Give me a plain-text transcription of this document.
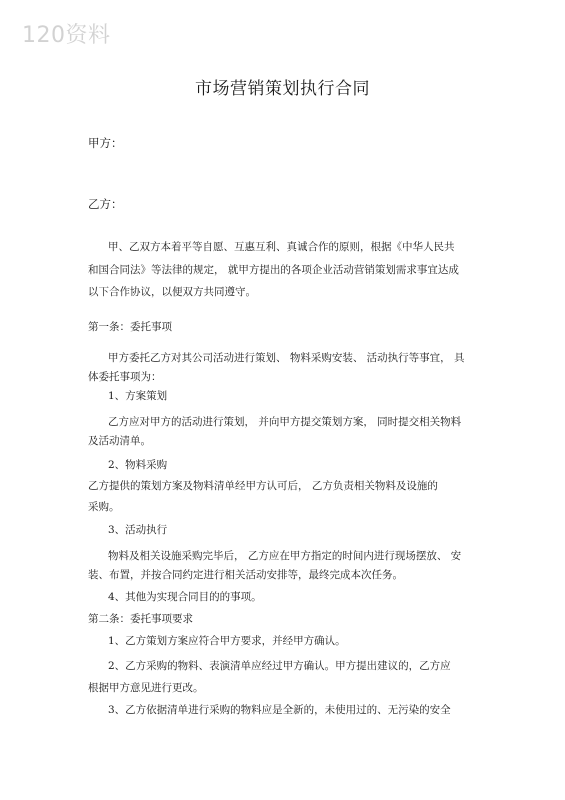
120资料
市场营销策划执行合同
甲方：
乙方：
甲、乙双方本着平等自愿、互惠互利、真诚合作的原则，根据《中华人民共
和国合同法》等法律的规定， 就甲方提出的各项企业活动营销策划需求事宜达成
以下合作协议，以便双方共同遵守。
第一条：委托事项
甲方委托乙方对其公司活动进行策划、 物料采购安装、 活动执行等事宜， 具
体委托事项为：
1、方案策划
乙方应对甲方的活动进行策划， 并向甲方提交策划方案， 同时提交相关物料
及活动清单。
2、物料采购
乙方提供的策划方案及物料清单经甲方认可后， 乙方负责相关物料及设施的
采购。
3、活动执行
物料及相关设施采购完毕后， 乙方应在甲方指定的时间内进行现场摆放、 安
装、布置，并按合同约定进行相关活动安排等，最终完成本次任务。
4、其他为实现合同目的的事项。
第二条：委托事项要求
1、乙方策划方案应符合甲方要求，并经甲方确认。
2、乙方采购的物料、表演清单应经过甲方确认。甲方提出建议的，乙方应
根据甲方意见进行更改。
3、乙方依据清单进行采购的物料应是全新的，未使用过的、无污染的安全
